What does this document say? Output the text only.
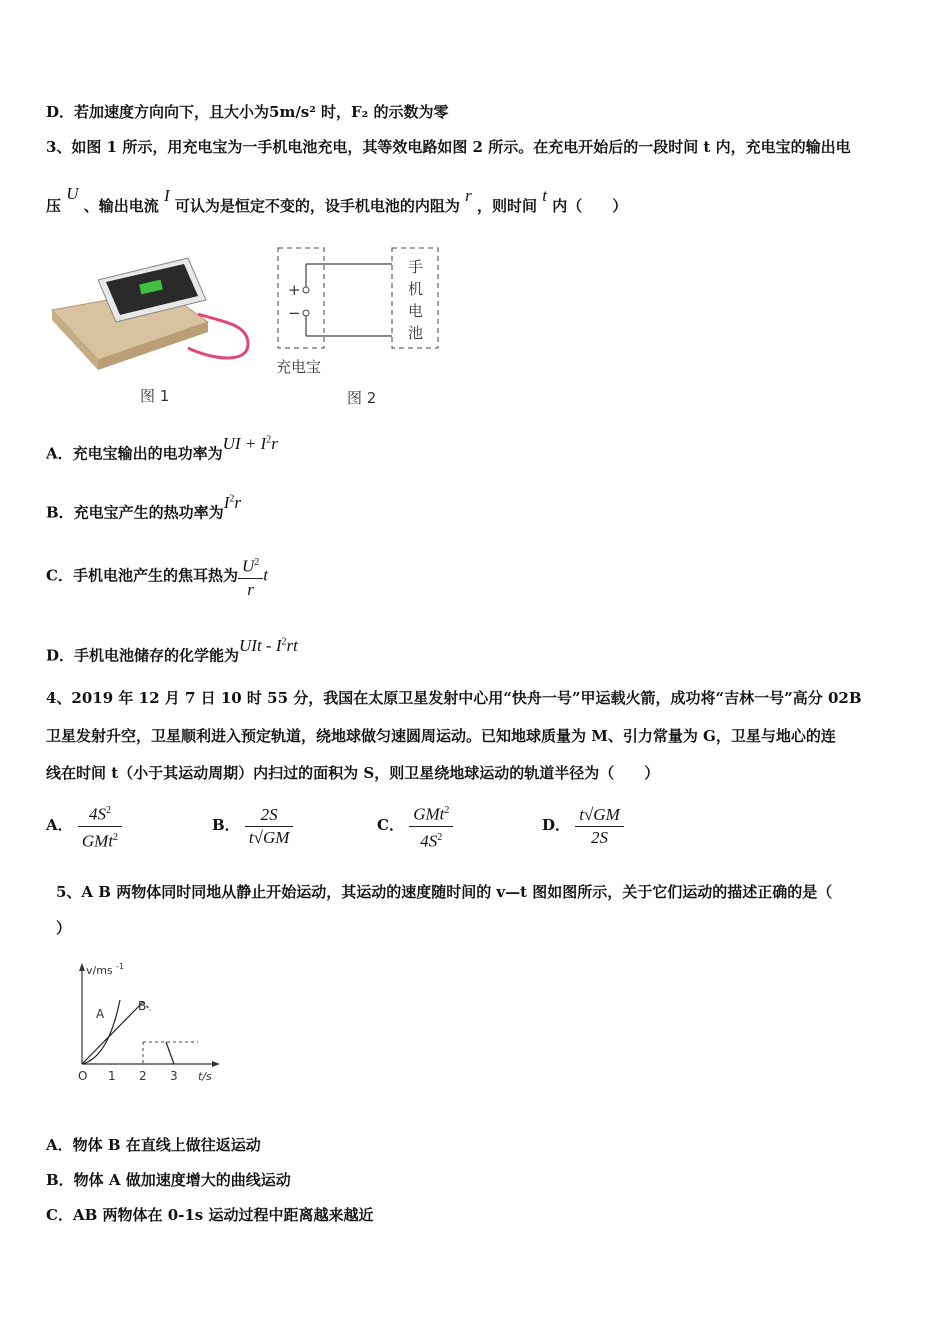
D．若加速度方向向下，且大小为5m/s² 时，F₂ 的示数为零
3、如图 1 所示，用充电宝为一手机电池充电，其等效电路如图 2 所示。在充电开始后的一段时间 t 内，充电宝的输出电
压 U 、输出电流 I 可认为是恒定不变的，设手机电池的内阻为 r ，则时间 t 内（　　）
图 1
+
−
手
机
电
池
充电宝
图 2
A．充电宝输出的电功率为UI + $I^2r$
B．充电宝产生的热功率为$I^2r$
C．手机电池产生的焦耳热为 $\frac{U^2}{r}$ t
D．手机电池储存的化学能为UIt - $I^2rt$
4、2019 年 12 月 7 日 10 时 55 分，我国在太原卫星发射中心用“快舟一号”甲运载火箭，成功将“吉林一号”高分 02B
卫星发射升空，卫星顺利进入预定轨道，绕地球做匀速圆周运动。已知地球质量为 M、引力常量为 G，卫星与地心的连
线在时间 t（小于其运动周期）内扫过的面积为 S，则卫星绕地球运动的轨道半径为（　　）
A． $\frac{4S^2}{GMt^2}$	B． $\frac{2S}{t√GM}$	C． $\frac{GMt^2}{4S^2}$	D． $\frac{t√GM}{2S}$
5、A B 两物体同时同地从静止开始运动，其运动的速度随时间的 v—t 图如图所示，关于它们运动的描述正确的是（
）
v/ms -1
O 1 2 3 t/s
A
B
A．物体 B 在直线上做往返运动
B．物体 A 做加速度增大的曲线运动
C．AB 两物体在 0-1s 运动过程中距离越来越近
